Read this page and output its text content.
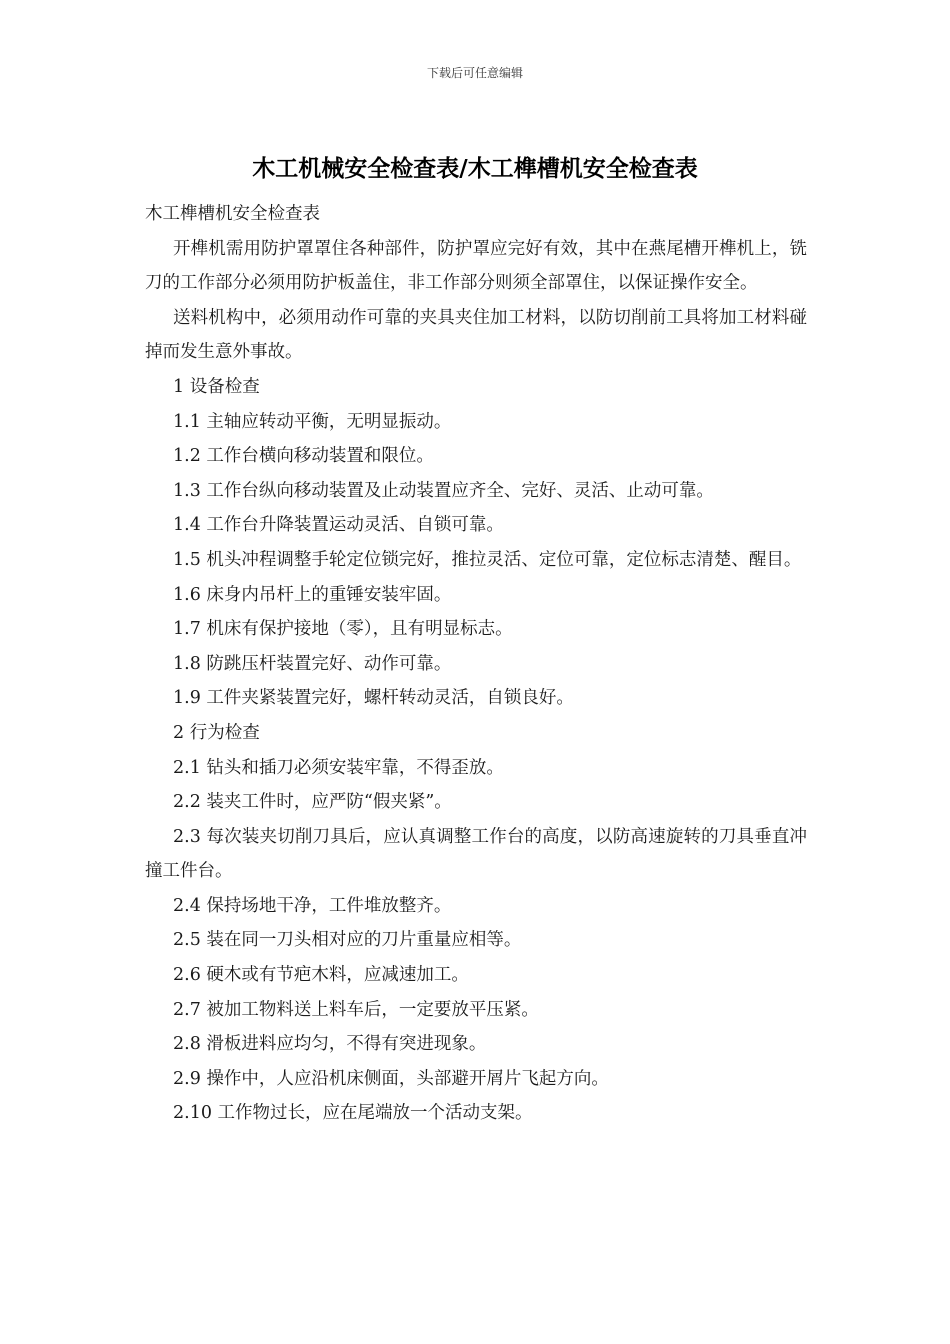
下载后可任意编辑
木工机械安全检查表/木工榫槽机安全检查表

木工榫槽机安全检查表

开榫机需用防护罩罩住各种部件，防护罩应完好有效，其中在燕尾槽开榫机上，铣刀的工作部分必须用防护板盖住，非工作部分则须全部罩住，以保证操作安全。

送料机构中，必须用动作可靠的夹具夹住加工材料，以防切削前工具将加工材料碰掉而发生意外事故。

1 设备检查

1.1 主轴应转动平衡，无明显振动。

1.2 工作台横向移动装置和限位。

1.3 工作台纵向移动装置及止动装置应齐全、完好、灵活、止动可靠。

1.4 工作台升降装置运动灵活、自锁可靠。

1.5 机头冲程调整手轮定位锁完好，推拉灵活、定位可靠，定位标志清楚、醒目。

1.6 床身内吊杆上的重锤安装牢固。

1.7 机床有保护接地（零），且有明显标志。

1.8 防跳压杆装置完好、动作可靠。

1.9 工件夹紧装置完好，螺杆转动灵活，自锁良好。

2 行为检查

2.1 钻头和插刀必须安装牢靠，不得歪放。

2.2 装夹工件时，应严防“假夹紧”。

2.3 每次装夹切削刀具后，应认真调整工作台的高度，以防高速旋转的刀具垂直冲撞工件台。

2.4 保持场地干净，工件堆放整齐。

2.5 装在同一刀头相对应的刀片重量应相等。

2.6 硬木或有节疤木料，应减速加工。

2.7 被加工物料送上料车后，一定要放平压紧。

2.8 滑板进料应均匀，不得有突进现象。

2.9 操作中，人应沿机床侧面，头部避开屑片飞起方向。

2.10 工作物过长，应在尾端放一个活动支架。
